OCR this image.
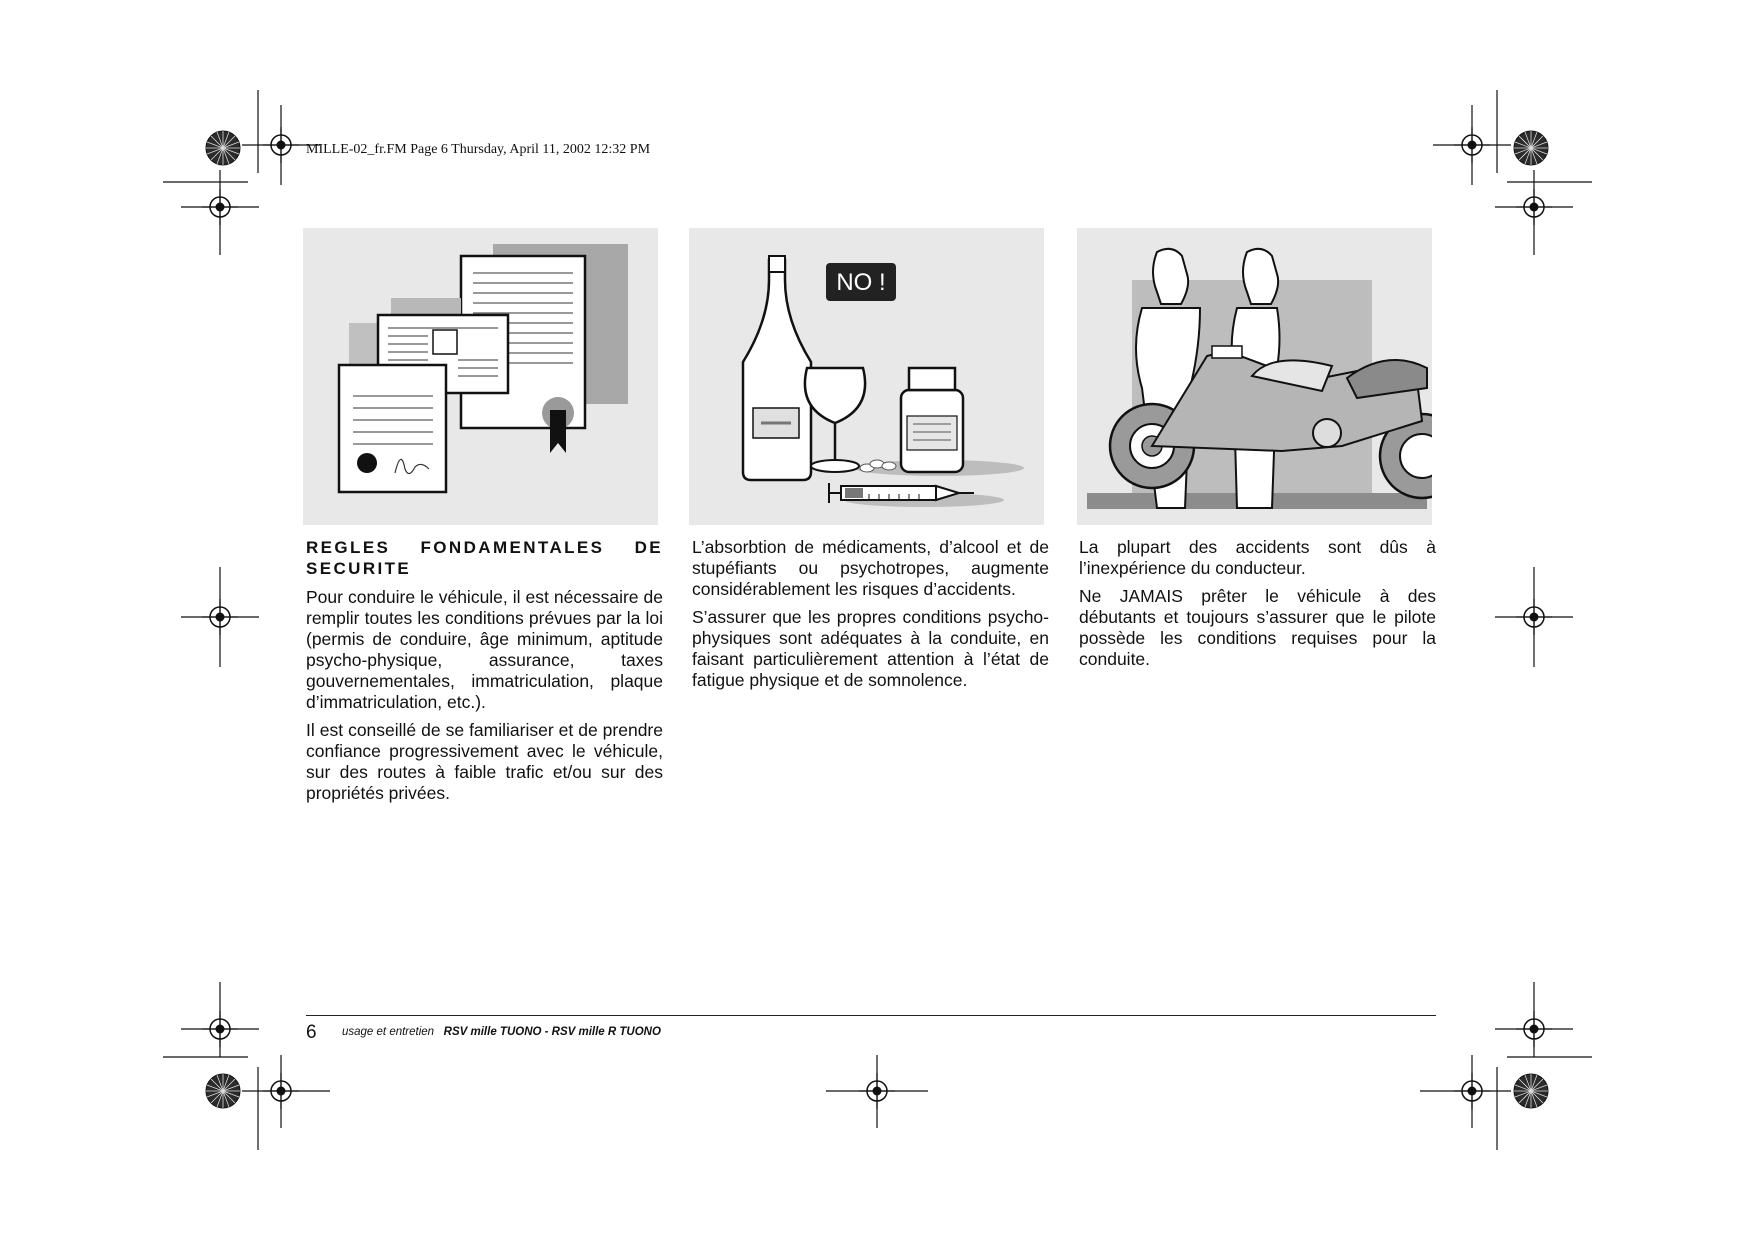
MILLE-02_fr.FM Page 6 Thursday, April 11, 2002 12:32 PM
NO !
REGLES FONDAMENTALES DE SECURITE

Pour conduire le véhicule, il est nécessaire de remplir toutes les conditions prévues par la loi (permis de conduire, âge minimum, aptitude psycho-physique, assurance, taxes gouvernementales, immatriculation, plaque d’immatriculation, etc.).

Il est conseillé de se familiariser et de prendre confiance progressivement avec le véhicule, sur des routes à faible trafic et/ou sur des propriétés privées.

L’absorbtion de médicaments, d’alcool et de stupéfiants ou psychotropes, augmente considérablement les risques d’accidents.

S’assurer que les propres conditions psycho-physiques sont adéquates à la conduite, en faisant particulièrement attention à l’état de fatigue physique et de somnolence.

La plupart des accidents sont dûs à l’inexpérience du conducteur.

Ne JAMAIS prêter le véhicule à des débutants et toujours s’assurer que le pilote possède les conditions requises pour la conduite.

6 usage et entretien RSV mille TUONO - RSV mille R TUONO
